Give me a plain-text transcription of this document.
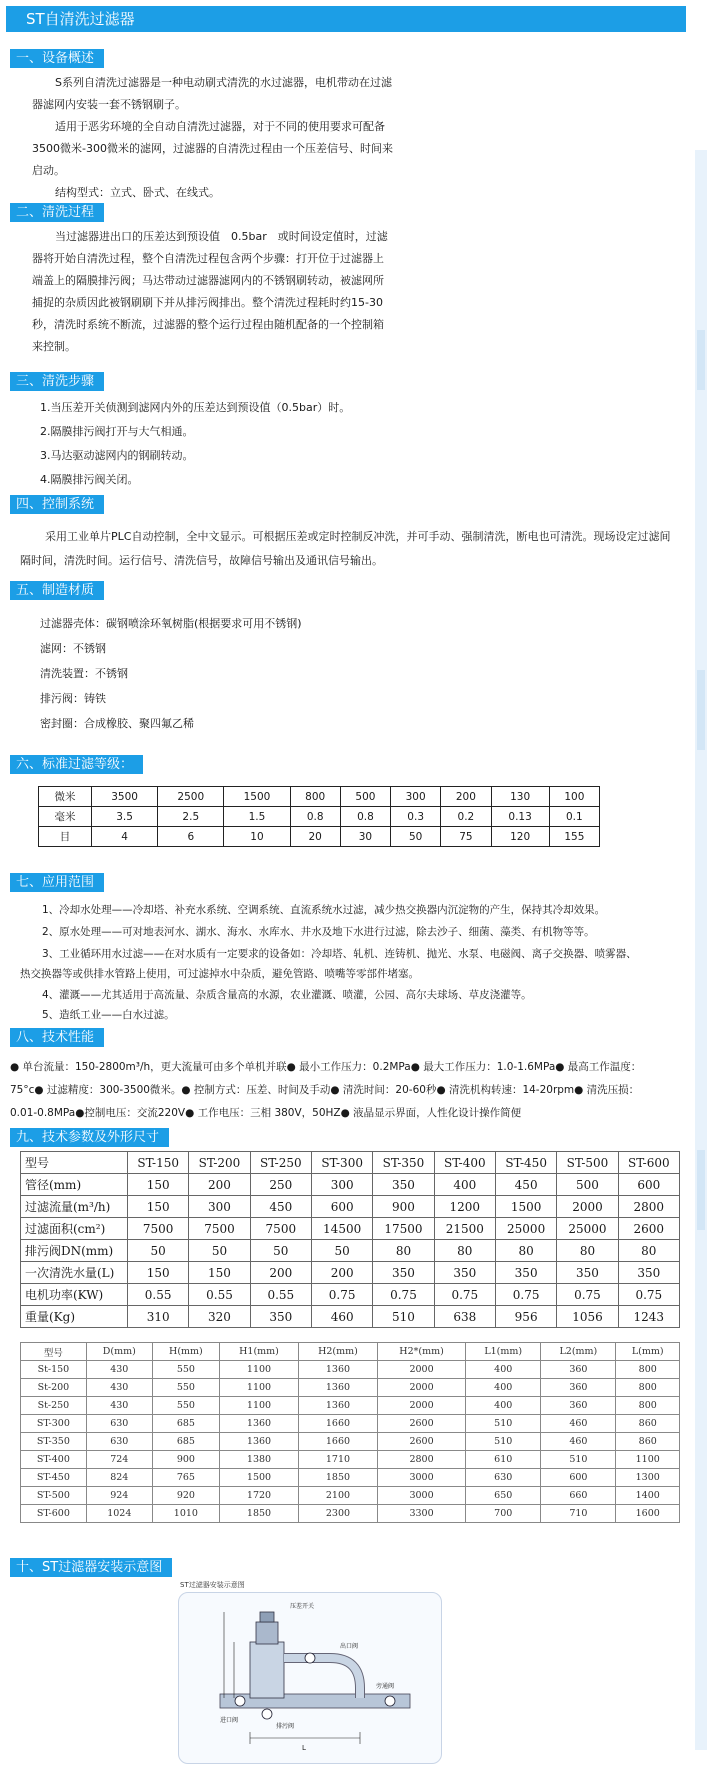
ST自清洗过滤器
一、设备概述
S系列自清洗过滤器是一种电动刷式清洗的水过滤器，电机带动在过滤
器滤网内安装一套不锈钢刷子。
适用于恶劣环境的全自动自清洗过滤器，对于不同的使用要求可配备
3500微米-300微米的滤网，过滤器的自清洗过程由一个压差信号、时间来
启动。
结构型式：立式、卧式、在线式。
二、清洗过程
当过滤器进出口的压差达到预设值　0.5bar　或时间设定值时，过滤
器将开始自清洗过程，整个自清洗过程包含两个步骤：打开位于过滤器上
端盖上的隔膜排污阀；马达带动过滤器滤网内的不锈钢刷转动，被滤网所
捕捉的杂质因此被钢刷刷下并从排污阀排出。整个清洗过程耗时约15-30
秒，清洗时系统不断流，过滤器的整个运行过程由随机配备的一个控制箱
来控制。
三、清洗步骤
1.当压差开关侦测到滤网内外的压差达到预设值（0.5bar）时。
2.隔膜排污阀打开与大气相通。
3.马达驱动滤网内的钢刷转动。
4.隔膜排污阀关闭。
四、控制系统
采用工业单片PLC自动控制，全中文显示。可根据压差或定时控制反冲洗，并可手动、强制清洗，断电也可清洗。现场设定过滤间
隔时间，清洗时间。运行信号、清洗信号，故障信号输出及通讯信号输出。
五、制造材质
过滤器壳体：碳钢喷涂环氧树脂(根据要求可用不锈钢)
滤网：不锈钢
清洗装置：不锈钢
排污阀：铸铁
密封圈：合成橡胶、聚四氟乙稀
六、标准过滤等级：
微米	3500	2500	1500	800	500	300	200	130	100
毫米	3.5	2.5	1.5	0.8	0.8	0.3	0.2	0.13	0.1
目	4	6	10	20	30	50	75	120	155
七、应用范围
1、冷却水处理——冷却塔、补充水系统、空调系统、直流系统水过滤，减少热交换器内沉淀物的产生，保持其冷却效果。
2、原水处理——可对地表河水、湖水、海水、水库水、井水及地下水进行过滤，除去沙子、细菌、藻类、有机物等等。
3、工业循环用水过滤——在对水质有一定要求的设备如：冷却塔、轧机、连铸机、抛光、水泵、电磁阀、离子交换器、喷雾器、
热交换器等或供排水管路上使用，可过滤掉水中杂质，避免管路、喷嘴等零部件堵塞。
4、灌溉——尤其适用于高流量、杂质含量高的水源，农业灌溉、喷灌，公园、高尔夫球场、草皮浇灌等。
5、造纸工业——白水过滤。
八、技术性能
● 单台流量：150-2800m³/h，更大流量可由多个单机并联● 最小工作压力：0.2MPa● 最大工作压力：1.0-1.6MPa● 最高工作温度：
75°c● 过滤精度：300-3500微米。● 控制方式：压差、时间及手动● 清洗时间：20-60秒● 清洗机构转速：14-20rpm● 清洗压损：
0.01-0.8MPa●控制电压：交流220V● 工作电压：三相 380V，50HZ● 液晶显示界面，人性化设计操作简便
九、技术参数及外形尺寸
型号	ST-150	ST-200	ST-250	ST-300	ST-350	ST-400	ST-450	ST-500	ST-600
管径(mm)	150	200	250	300	350	400	450	500	600
过滤流量(m³/h)	150	300	450	600	900	1200	1500	2000	2800
过滤面积(cm²)	7500	7500	7500	14500	17500	21500	25000	25000	2600
排污阀DN(mm)	50	50	50	50	80	80	80	80	80
一次清洗水量(L)	150	150	200	200	350	350	350	350	350
电机功率(KW)	0.55	0.55	0.55	0.75	0.75	0.75	0.75	0.75	0.75
重量(Kg)	310	320	350	460	510	638	956	1056	1243
型号	D(mm)	H(mm)	H1(mm)	H2(mm)	H2*(mm)	L1(mm)	L2(mm)	L(mm)
St-150	430	550	1100	1360	2000	400	360	800
St-200	430	550	1100	1360	2000	400	360	800
St-250	430	550	1100	1360	2000	400	360	800
ST-300	630	685	1360	1660	2600	510	460	860
ST-350	630	685	1360	1660	2600	510	460	860
ST-400	724	900	1380	1710	2800	610	510	1100
ST-450	824	765	1500	1850	3000	630	600	1300
ST-500	924	920	1720	2100	3000	650	660	1400
ST-600	1024	1010	1850	2300	3300	700	710	1600
十、ST过滤器安装示意图
ST过滤器安装示意图
压差开关
出口阀
进口阀
旁通阀
排污阀
L
